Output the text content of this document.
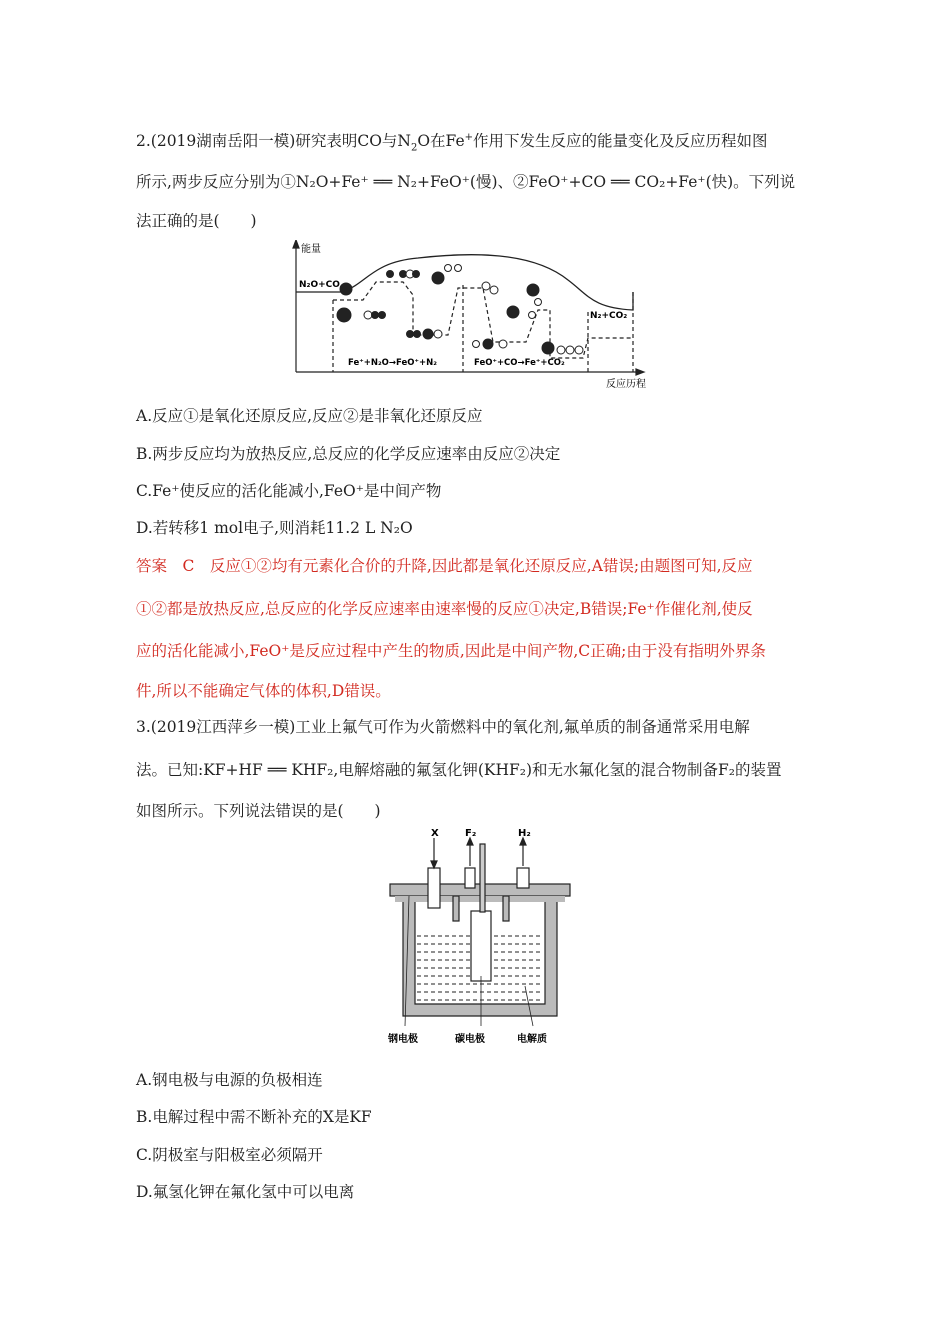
2.(2019湖南岳阳一模)研究表明CO与$N_2O$在Fe+作用下发生反应的能量变化及反应历程如图
所示,两步反应分别为①N₂O+Fe⁺ ══ N₂+FeO⁺(慢)、②FeO⁺+CO ══ CO₂+Fe⁺(快)。下列说
法正确的是(　　)
能量
N₂O+CO
N₂+CO₂
Fe⁺+N₂O→FeO⁺+N₂	FeO⁺+CO→Fe⁺+CO₂
反应历程
A.反应①是氧化还原反应,反应②是非氧化还原反应
B.两步反应均为放热反应,总反应的化学反应速率由反应②决定
C.Fe⁺使反应的活化能减小,FeO⁺是中间产物
D.若转移1 mol电子,则消耗11.2 L N₂O
答案　C　反应①②均有元素化合价的升降,因此都是氧化还原反应,A错误;由题图可知,反应
①②都是放热反应,总反应的化学反应速率由速率慢的反应①决定,B错误;Fe⁺作催化剂,使反
应的活化能减小,FeO⁺是反应过程中产生的物质,因此是中间产物,C正确;由于没有指明外界条
件,所以不能确定气体的体积,D错误。
3.(2019江西萍乡一模)工业上氟气可作为火箭燃料中的氧化剂,氟单质的制备通常采用电解
法。已知:KF+HF ══ KHF₂,电解熔融的氟氢化钾(KHF₂)和无水氟化氢的混合物制备F₂的装置
如图所示。下列说法错误的是(　　)
X	F₂	H₂
钢电极	碳电极	电解质
A.钢电极与电源的负极相连
B.电解过程中需不断补充的X是KF
C.阴极室与阳极室必须隔开
D.氟氢化钾在氟化氢中可以电离
